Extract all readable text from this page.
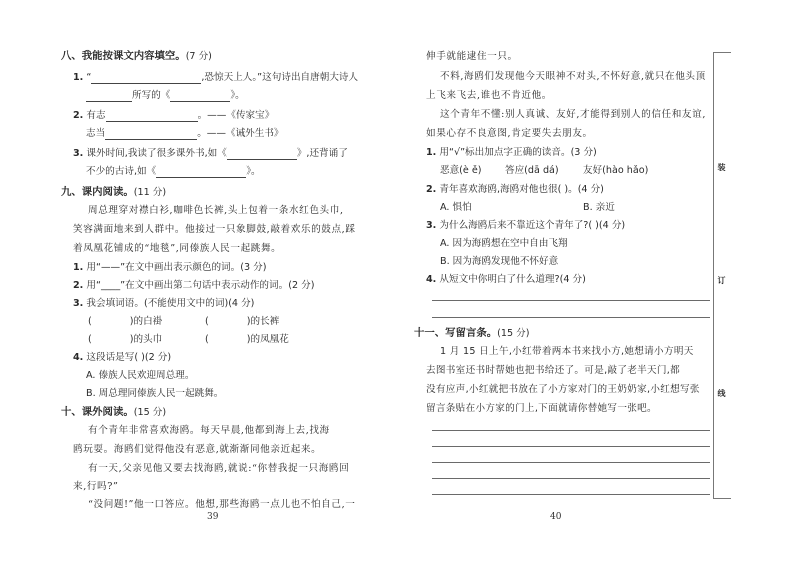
八、我能按课文内容填空。(7 分)
1. “	,恐惊天上人。”这句诗出自唐朝大诗人
所写的《	》。
2. 有志	。——《传家宝》
志当	。——《诫外生书》
3. 课外时间,我读了很多课外书,如《	》,还背诵了
不少的古诗,如《	》。
九、课内阅读。(11 分)
周总理穿对襟白衫,咖啡色长裤,头上包着一条水红色头巾,
笑容满面地来到人群中。他接过一只象脚鼓,敲着欢乐的鼓点,踩
着凤凰花铺成的“地毯”,同傣族人民一起跳舞。
1. 用“——”在文中画出表示颜色的词。(3 分)
2. 用“____”在文中画出第二句话中表示动作的词。(2 分)
3. 我会填词语。(不能使用文中的词)(4 分)
(	)的白褂	(	)的长裤
(	)的头巾	(	)的凤凰花
4. 这段话是写( )(2 分)
A. 傣族人民欢迎周总理。
B. 周总理同傣族人民一起跳舞。
十、课外阅读。(15 分)
有个青年非常喜欢海鸥。每天早晨,他都到海上去,找海
鸥玩耍。海鸥们觉得他没有恶意,就渐渐同他亲近起来。
有一天,父亲见他又要去找海鸥,就说:“你替我捉一只海鸥回
来,行吗?”
“没问题!”他一口答应。他想,那些海鸥一点儿也不怕自己,一
39
伸手就能逮住一只。
不料,海鸥们发现他今天眼神不对头,不怀好意,就只在他头顶
上飞来飞去,谁也不肯近他。
这个青年不懂:别人真诚、友好,才能得到别人的信任和友谊,
如果心存不良意图,肯定要失去朋友。
1. 用“√”标出加点字正确的读音。(3 分)
恶意(è ě) 答应(dā dá)	友好(hào hǎo)
2. 青年喜欢海鸥,海鸥对他也很( )。(4 分)
A. 惧怕	B. 亲近
3. 为什么海鸥后来不靠近这个青年了?( )(4 分)
A. 因为海鸥想在空中自由飞翔
B. 因为海鸥发现他不怀好意
4. 从短文中你明白了什么道理?(4 分)
十一、写留言条。(15 分)
1 月 15 日上午,小红带着两本书来找小方,她想请小方明天
去图书室还书时帮她也把书给还了。可是,敲了老半天门,都
没有应声,小红就把书放在了小方家对门的王奶奶家,小红想写张
留言条贴在小方家的门上,下面就请你替她写一张吧。
40
装
订
线
